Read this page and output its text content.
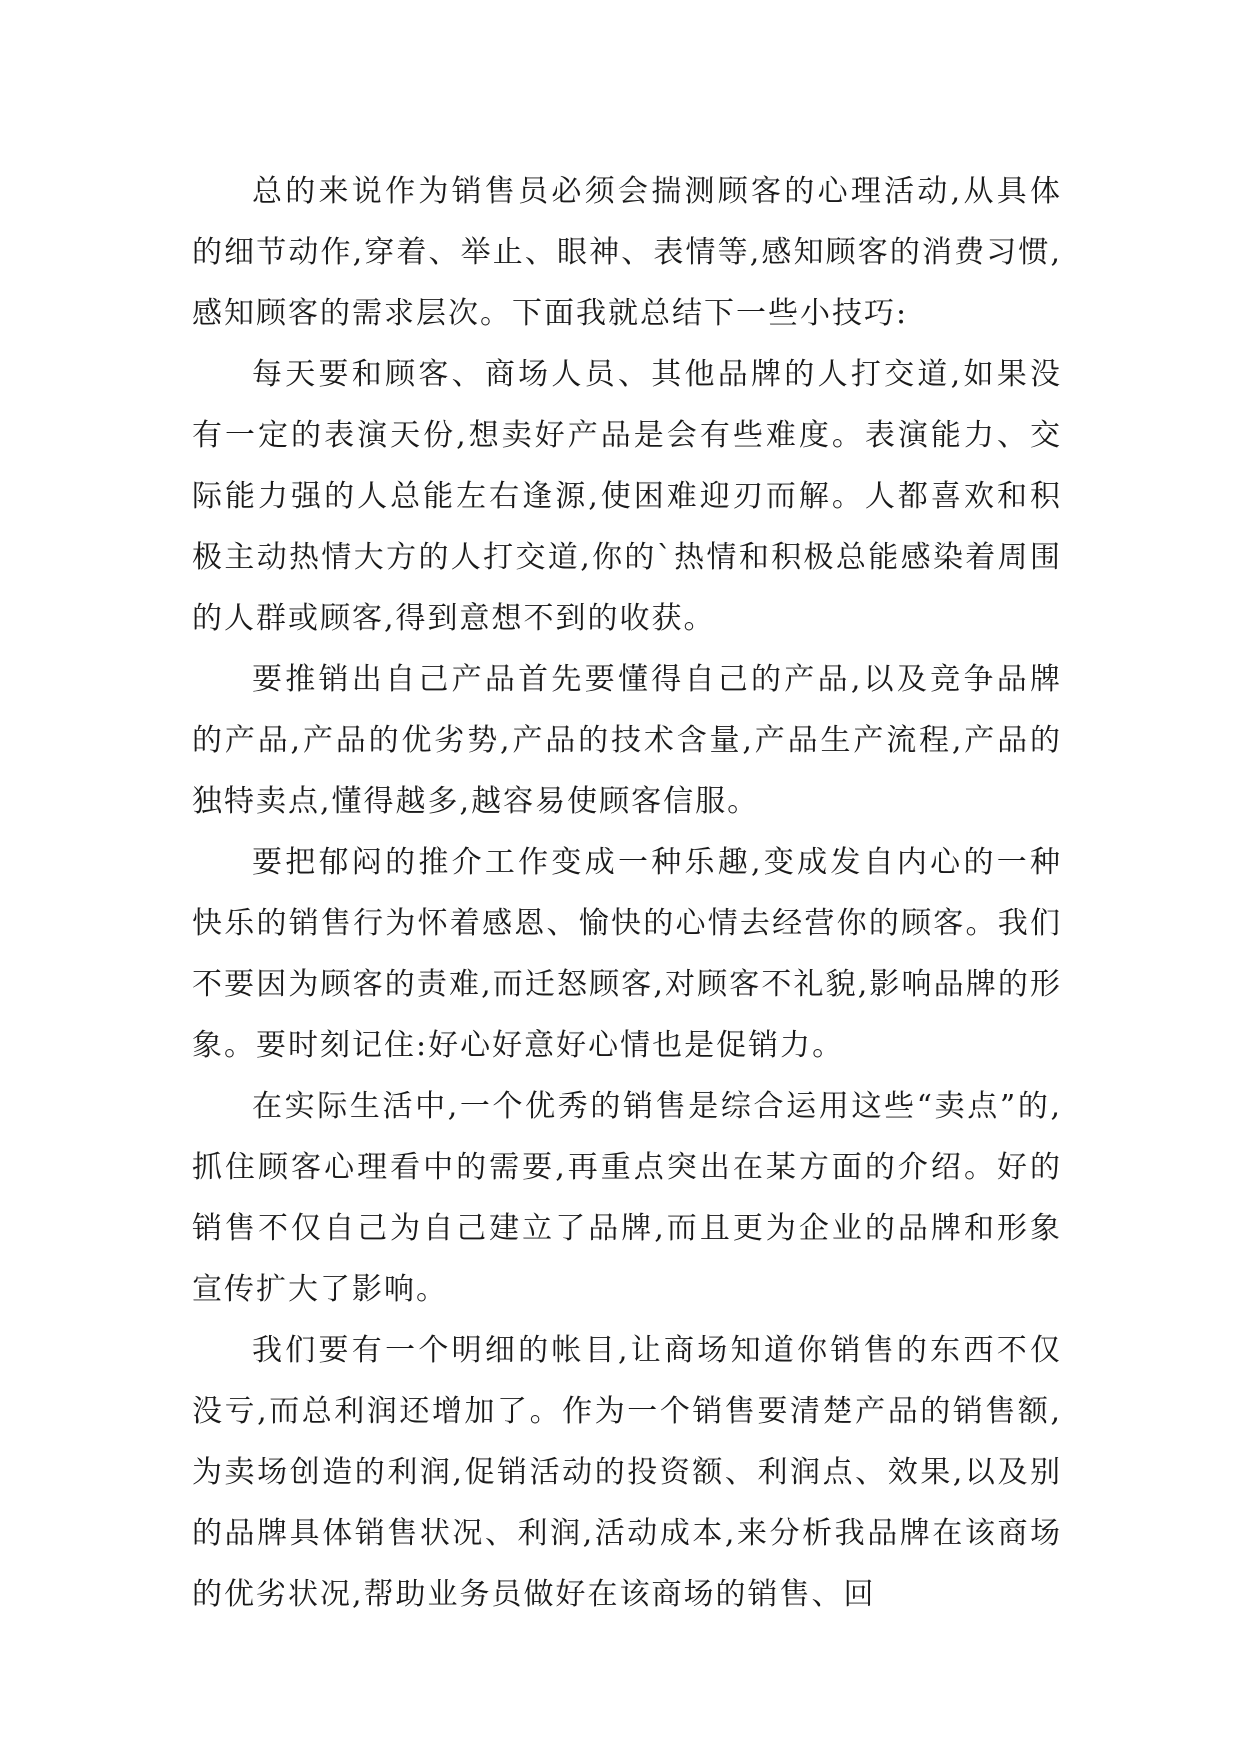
总的来说作为销售员必须会揣测顾客的心理活动,从具体的细节动作,穿着、举止、眼神、表情等,感知顾客的消费习惯,感知顾客的需求层次。下面我就总结下一些小技巧:

每天要和顾客、商场人员、其他品牌的人打交道,如果没有一定的表演天份,想卖好产品是会有些难度。表演能力、交际能力强的人总能左右逢源,使困难迎刃而解。人都喜欢和积极主动热情大方的人打交道,你的`热情和积极总能感染着周围的人群或顾客,得到意想不到的收获。

要推销出自己产品首先要懂得自己的产品,以及竞争品牌的产品,产品的优劣势,产品的技术含量,产品生产流程,产品的独特卖点,懂得越多,越容易使顾客信服。

要把郁闷的推介工作变成一种乐趣,变成发自内心的一种快乐的销售行为怀着感恩、愉快的心情去经营你的顾客。我们不要因为顾客的责难,而迁怒顾客,对顾客不礼貌,影响品牌的形象。要时刻记住:好心好意好心情也是促销力。

在实际生活中,一个优秀的销售是综合运用这些“卖点”的,抓住顾客心理看中的需要,再重点突出在某方面的介绍。好的销售不仅自己为自己建立了品牌,而且更为企业的品牌和形象宣传扩大了影响。

我们要有一个明细的帐目,让商场知道你销售的东西不仅没亏,而总利润还增加了。作为一个销售要清楚产品的销售额,为卖场创造的利润,促销活动的投资额、利润点、效果,以及别的品牌具体销售状况、利润,活动成本,来分析我品牌在该商场的优劣状况,帮助业务员做好在该商场的销售、回
